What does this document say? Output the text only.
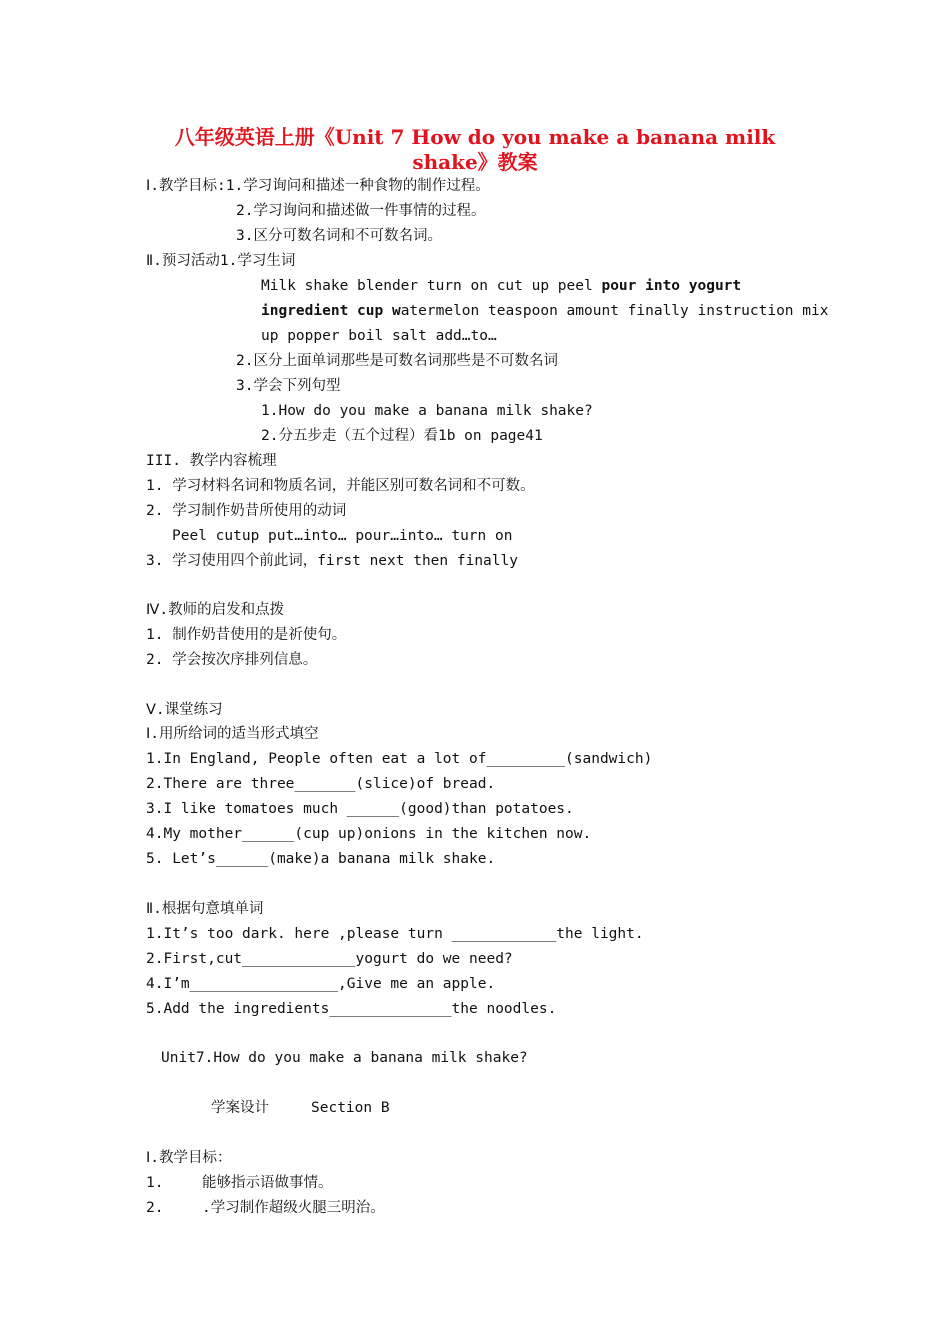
八年级英语上册《Unit 7 How do you make a banana milk
shake》教案
Ⅰ.教学目标:1.学习询问和描述一种食物的制作过程。
2.学习询问和描述做一件事情的过程。
3.区分可数名词和不可数名词。
Ⅱ.预习活动1.学习生词
Milk shake blender turn on cut up peel pour into yogurt
ingredient cup watermelon teaspoon amount finally instruction mix
up popper boil salt add…to…
2.区分上面单词那些是可数名词那些是不可数名词
3.学会下列句型
1.How do you make a banana milk shake?
2.分五步走（五个过程）看1b on page41
III. 教学内容梳理
1. 学习材料名词和物质名词，并能区别可数名词和不可数。
2. 学习制作奶昔所使用的动词
Peel cutup put…into… pour…into… turn on
3. 学习使用四个前此词，first next then finally
Ⅳ.教师的启发和点拨
1. 制作奶昔使用的是祈使句。
2. 学会按次序排列信息。
Ⅴ.课堂练习
Ⅰ.用所给词的适当形式填空
1.In England, People often eat a lot of_________(sandwich)
2.There are three_______(slice)of bread.
3.I like tomatoes much ______(good)than potatoes.
4.My mother______(cup up)onions in the kitchen now.
5. Let’s______(make)a banana milk shake.
Ⅱ.根据句意填单词
1.It’s too dark. here ,please turn ____________the light.
2.First,cut_____________yogurt do we need?
4.I’m_________________,Give me an apple.
5.Add the ingredients______________the noodles.
Unit7.How do you make a banana milk shake?
学案设计	Section B
Ⅰ.教学目标：
1.	能够指示语做事情。
2.	.学习制作超级火腿三明治。
